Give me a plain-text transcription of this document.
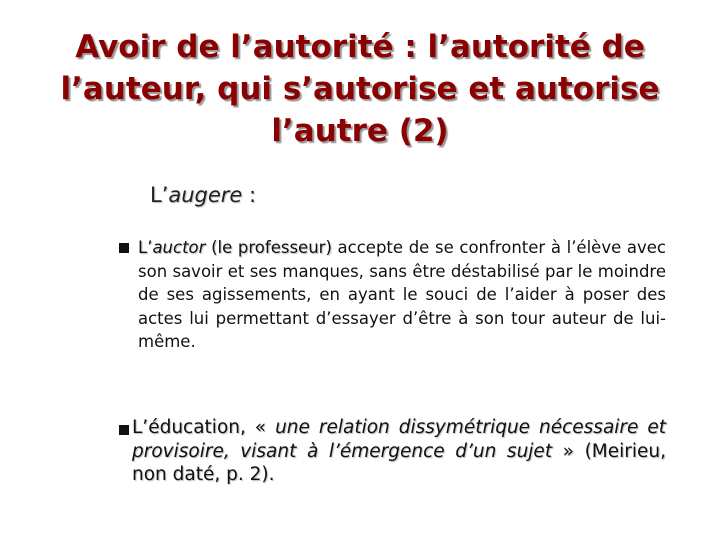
Avoir de l’autorité : l’autorité de
l’auteur, qui s’autorise et autorise
l’autre (2)
L’augere :
L’auctor (le professeur) accepte de se confronter à l’élève avec son savoir et ses manques, sans être déstabilisé par le moindre de ses agissements, en ayant le souci de l’aider à poser des actes lui permettant d’essayer d’être à son tour auteur de lui-même.
L’éducation, « une relation dissymétrique nécessaire et provisoire, visant à l’émergence d’un sujet » (Meirieu, non daté, p. 2).
